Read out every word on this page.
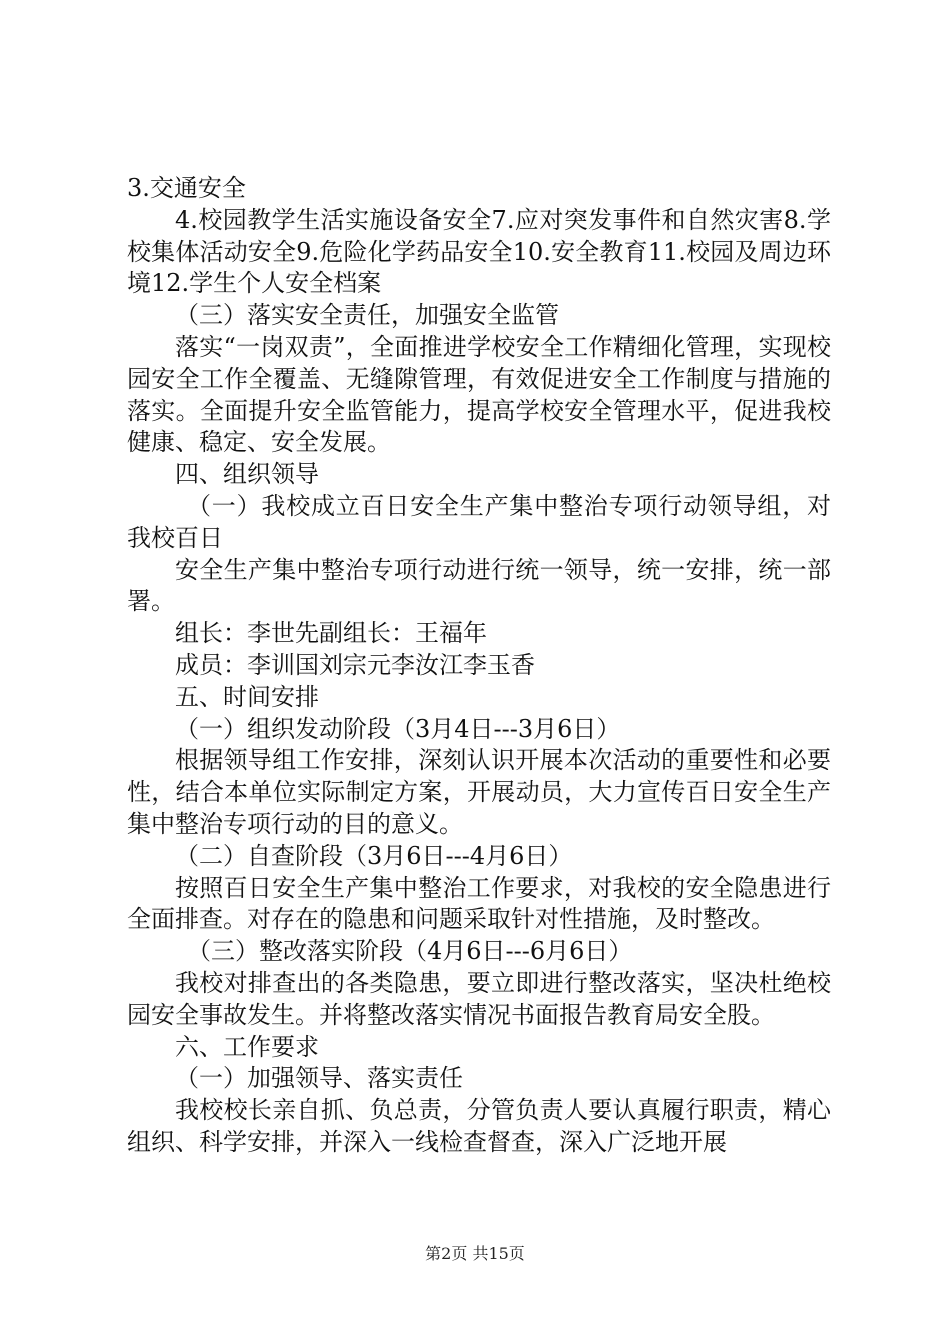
3.交通安全

4.校园教学生活实施设备安全7.应对突发事件和自然灾害8.学校集体活动安全9.危险化学药品安全10.安全教育11.校园及周边环境12.学生个人安全档案

（三）落实安全责任，加强安全监管

落实“一岗双责”，全面推进学校安全工作精细化管理，实现校园安全工作全覆盖、无缝隙管理，有效促进安全工作制度与措施的落实。全面提升安全监管能力，提高学校安全管理水平，促进我校健康、稳定、安全发展。

四、组织领导

（一）我校成立百日安全生产集中整治专项行动领导组，对我校百日

安全生产集中整治专项行动进行统一领导，统一安排，统一部署。

组长：李世先副组长：王福年

成员：李训国刘宗元李汝江李玉香

五、时间安排

（一）组织发动阶段（3月4日---3月6日）

根据领导组工作安排，深刻认识开展本次活动的重要性和必要性，结合本单位实际制定方案，开展动员，大力宣传百日安全生产集中整治专项行动的目的意义。

（二）自查阶段（3月6日---4月6日）

按照百日安全生产集中整治工作要求，对我校的安全隐患进行全面排查。对存在的隐患和问题采取针对性措施，及时整改。

（三）整改落实阶段（4月6日---6月6日）

我校对排查出的各类隐患，要立即进行整改落实，坚决杜绝校园安全事故发生。并将整改落实情况书面报告教育局安全股。

六、工作要求

（一）加强领导、落实责任

我校校长亲自抓、负总责，分管负责人要认真履行职责，精心组织、科学安排，并深入一线检查督查，深入广泛地开展

第2页 共15页
